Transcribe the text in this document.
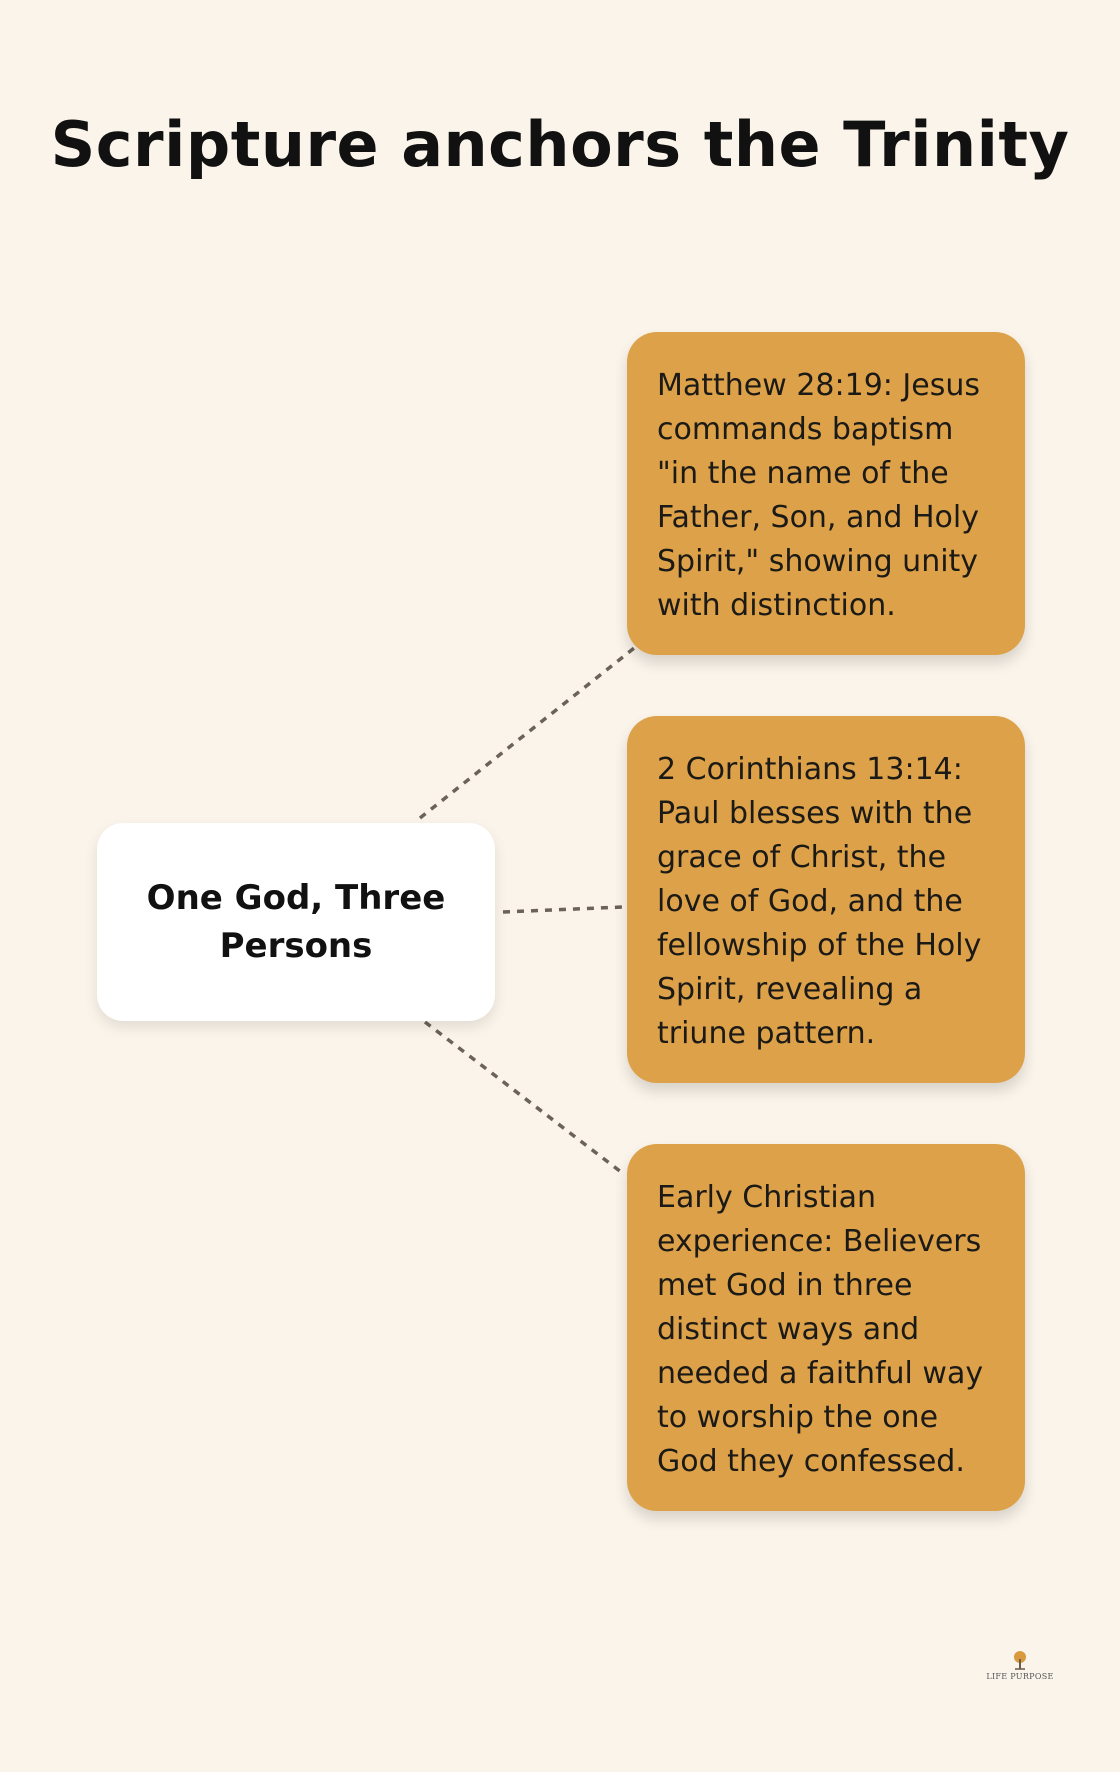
Scripture anchors the Trinity
One God, Three Persons
Matthew 28:19: Jesus commands baptism "in the name of the Father, Son, and Holy Spirit," showing unity with distinction.
2 Corinthians 13:14: Paul blesses with the grace of Christ, the love of God, and the fellowship of the Holy Spirit, revealing a triune pattern.
Early Christian experience: Believers met God in three distinct ways and needed a faithful way to worship the one God they confessed.
LIFE PURPOSE
